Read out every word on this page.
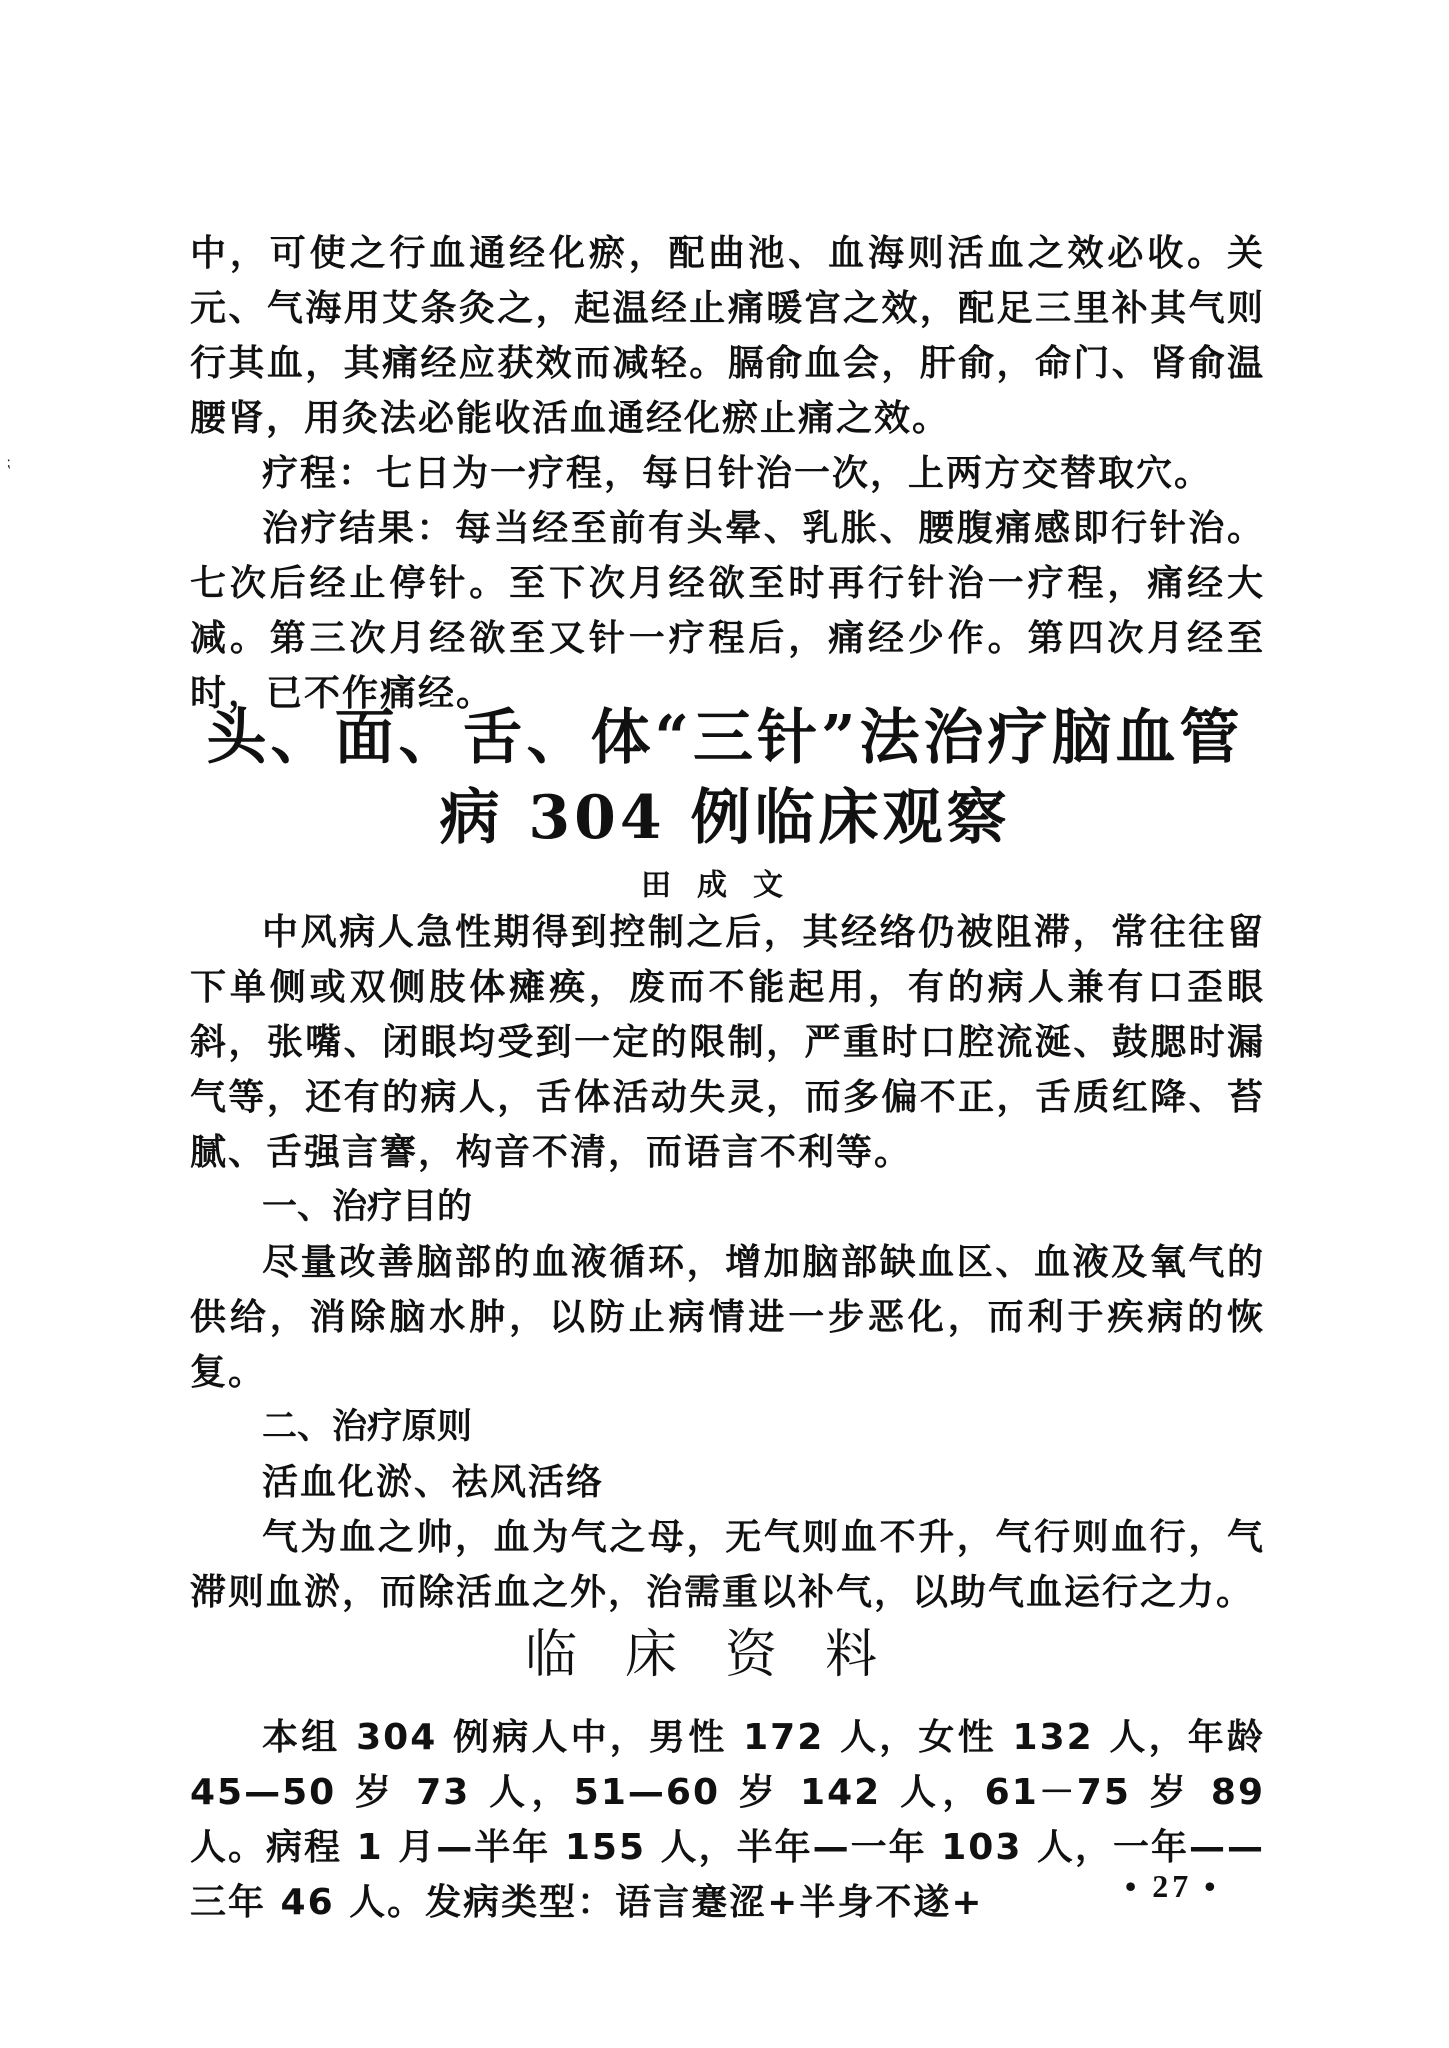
⁏

中，可使之行血通经化瘀，配曲池、血海则活血之效必收。关元、气海用艾条灸之，起温经止痛暖宫之效，配足三里补其气则行其血，其痛经应获效而减轻。膈俞血会，肝俞，命门、肾俞温腰肾，用灸法必能收活血通经化瘀止痛之效。

疗程：七日为一疗程，每日针治一次，上两方交替取穴。

治疗结果：每当经至前有头晕、乳胀、腰腹痛感即行针治。七次后经止停针。至下次月经欲至时再行针治一疗程，痛经大减。第三次月经欲至又针一疗程后，痛经少作。第四次月经至时，已不作痛经。

头、面、舌、体“三针”法治疗脑血管
病 304 例临床观察

田成文

中风病人急性期得到控制之后，其经络仍被阻滞，常往往留下单侧或双侧肢体瘫痪，废而不能起用，有的病人兼有口歪眼斜，张嘴、闭眼均受到一定的限制，严重时口腔流涎、鼓腮时漏气等，还有的病人，舌体活动失灵，而多偏不正，舌质红降、苔腻、舌强言謇，构音不清，而语言不利等。

一、治疗目的

尽量改善脑部的血液循环，增加脑部缺血区、血液及氧气的供给，消除脑水肿，以防止病情进一步恶化，而利于疾病的恢复。

二、治疗原则

活血化淤、祛风活络

气为血之帅，血为气之母，无气则血不升，气行则血行，气滞则血淤，而除活血之外，治需重以补气，以助气血运行之力。

临床资料

本组 304 例病人中，男性 172 人，女性 132 人，年龄 45—50 岁 73 人，51—60 岁 142 人，61－75 岁 89 人。病程 1 月—半年 155 人，半年—一年 103 人，一年——三年 46 人。发病类型：语言蹇涩+半身不遂+	• 27 •
